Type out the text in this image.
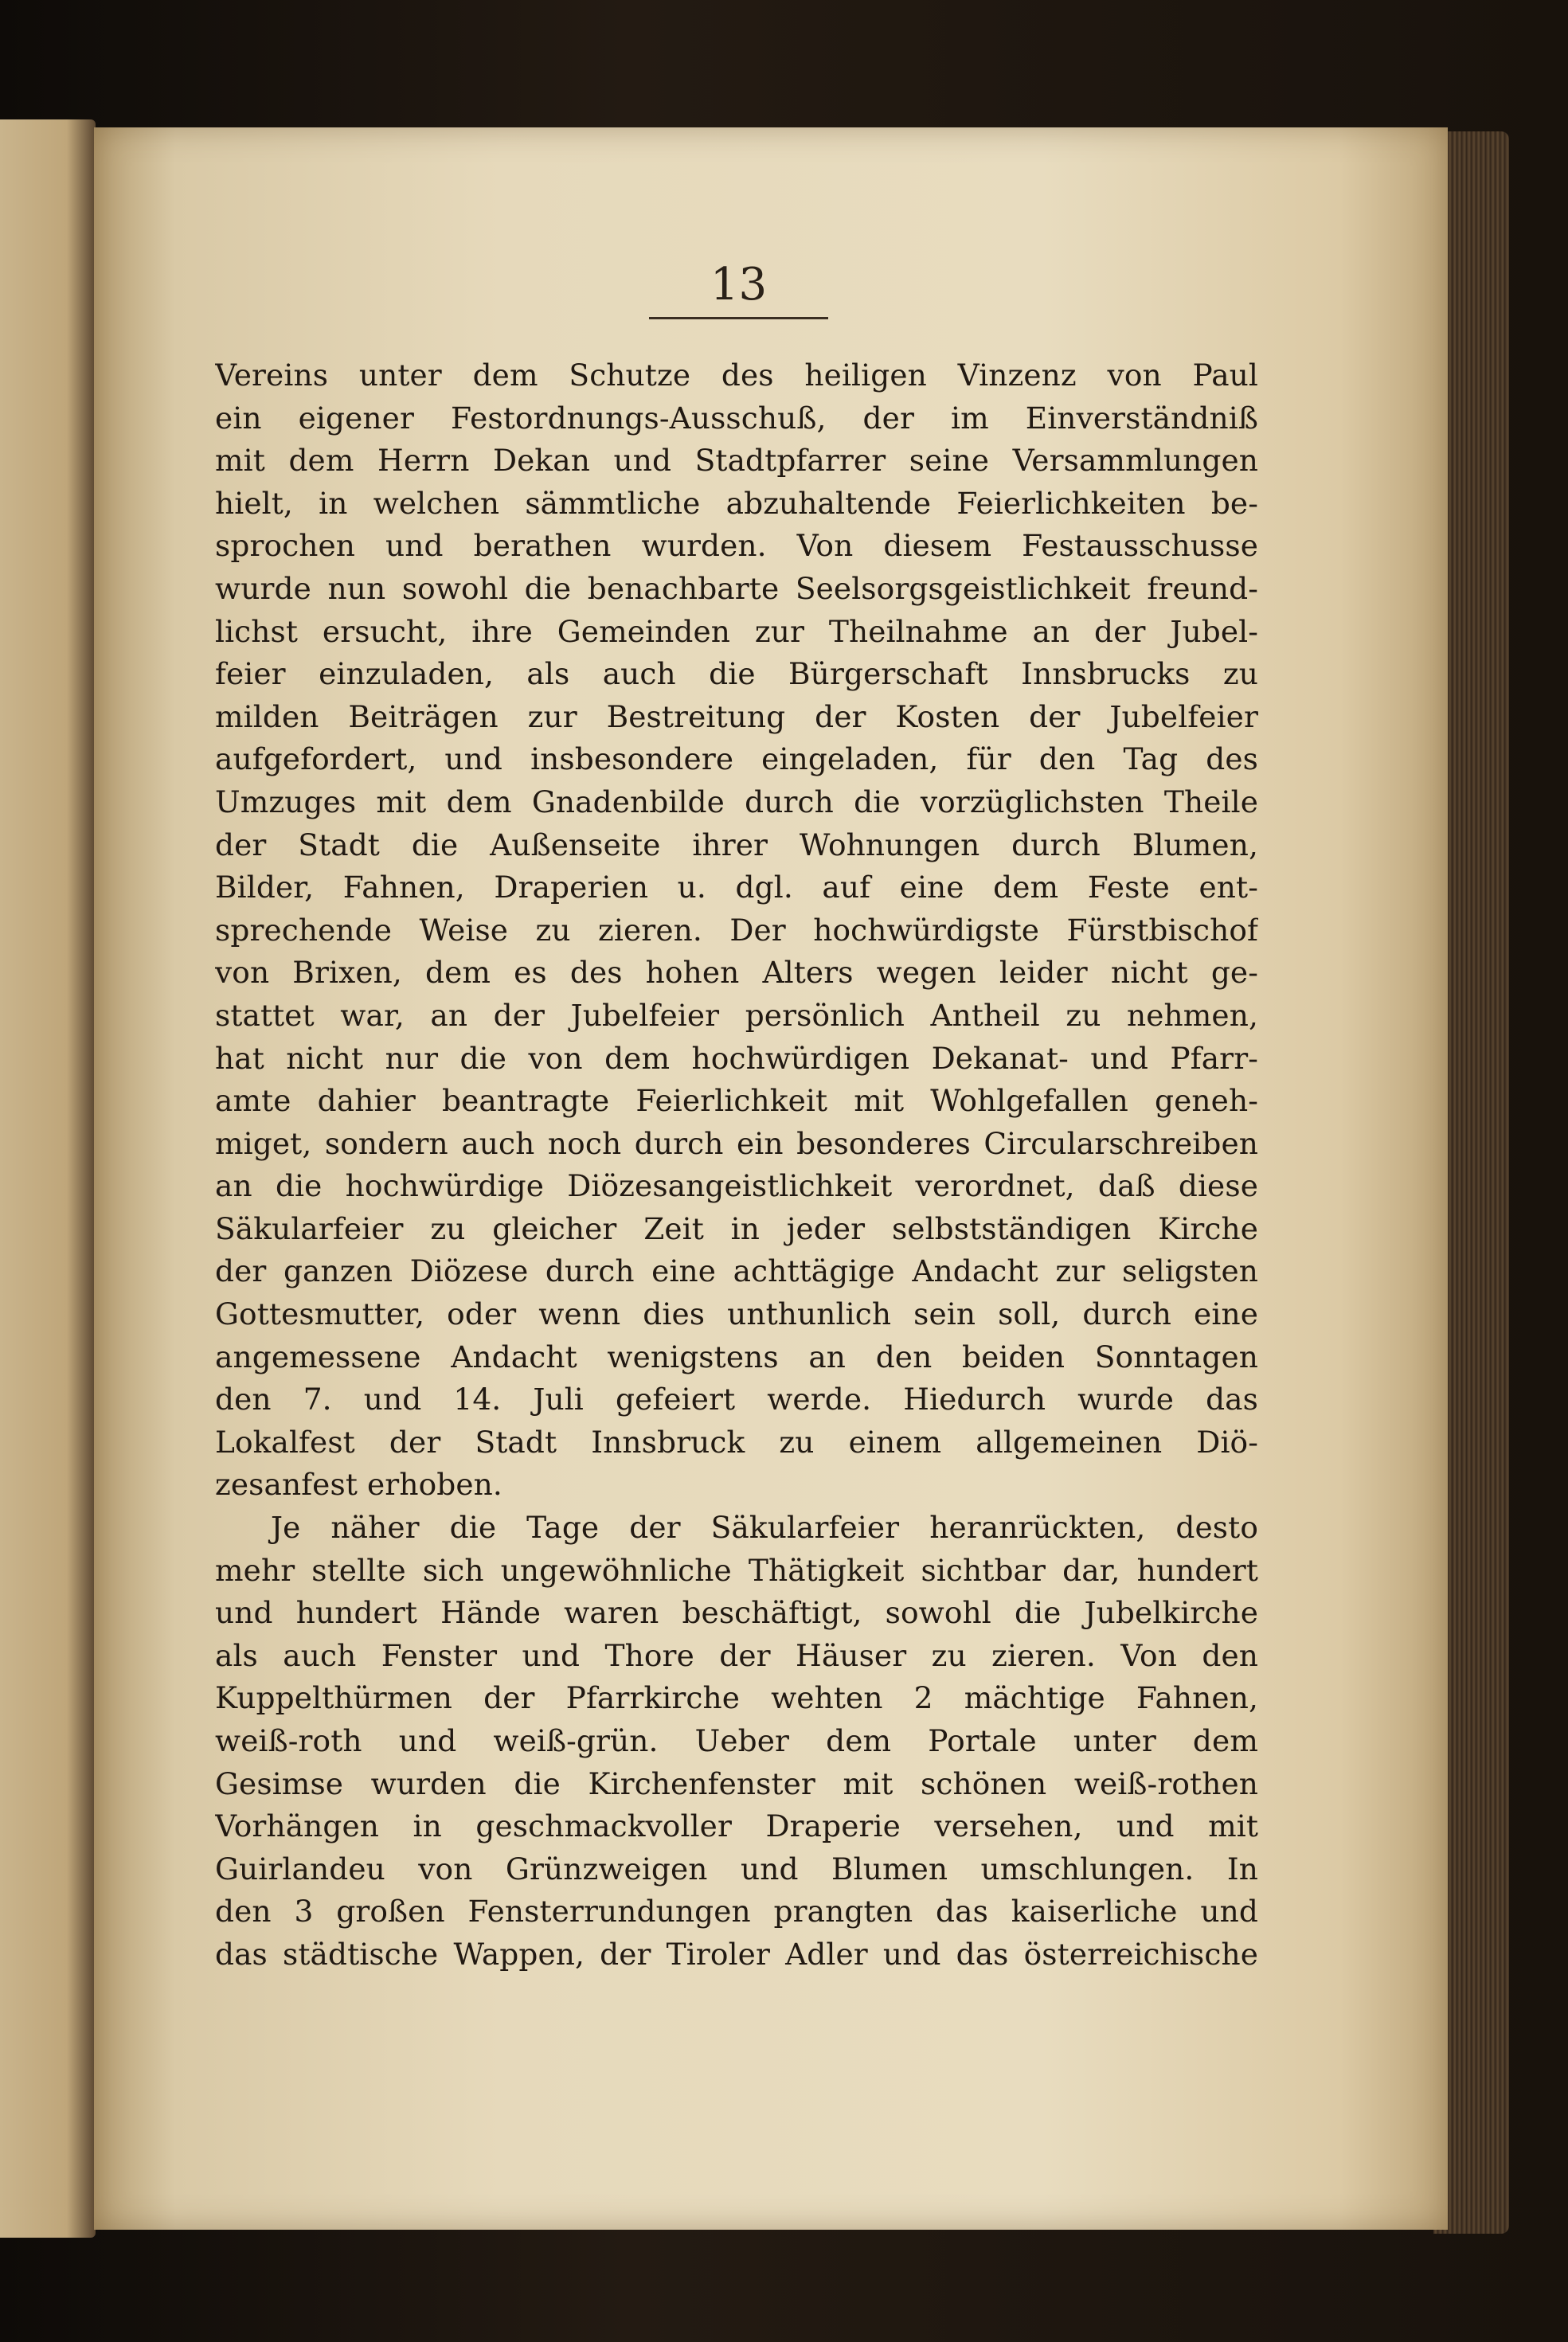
13
Vereins unter dem Schutze des heiligen Vinzenz von Paul
ein eigener Festordnungs-Ausschuß, der im Einverständniß
mit dem Herrn Dekan und Stadtpfarrer seine Versammlungen
hielt, in welchen sämmtliche abzuhaltende Feierlichkeiten be-
sprochen und berathen wurden. Von diesem Festausschusse
wurde nun sowohl die benachbarte Seelsorgsgeistlichkeit freund-
lichst ersucht, ihre Gemeinden zur Theilnahme an der Jubel-
feier einzuladen, als auch die Bürgerschaft Innsbrucks zu
milden Beiträgen zur Bestreitung der Kosten der Jubelfeier
aufgefordert, und insbesondere eingeladen, für den Tag des
Umzuges mit dem Gnadenbilde durch die vorzüglichsten Theile
der Stadt die Außenseite ihrer Wohnungen durch Blumen,
Bilder, Fahnen, Draperien u. dgl. auf eine dem Feste ent-
sprechende Weise zu zieren. Der hochwürdigste Fürstbischof
von Brixen, dem es des hohen Alters wegen leider nicht ge-
stattet war, an der Jubelfeier persönlich Antheil zu nehmen,
hat nicht nur die von dem hochwürdigen Dekanat- und Pfarr-
amte dahier beantragte Feierlichkeit mit Wohlgefallen geneh-
miget, sondern auch noch durch ein besonderes Circularschreiben
an die hochwürdige Diözesangeistlichkeit verordnet, daß diese
Säkularfeier zu gleicher Zeit in jeder selbstständigen Kirche
der ganzen Diözese durch eine achttägige Andacht zur seligsten
Gottesmutter, oder wenn dies unthunlich sein soll, durch eine
angemessene Andacht wenigstens an den beiden Sonntagen
den 7. und 14. Juli gefeiert werde. Hiedurch wurde das
Lokalfest der Stadt Innsbruck zu einem allgemeinen Diö-
zesanfest erhoben.
Je näher die Tage der Säkularfeier heranrückten, desto
mehr stellte sich ungewöhnliche Thätigkeit sichtbar dar, hundert
und hundert Hände waren beschäftigt, sowohl die Jubelkirche
als auch Fenster und Thore der Häuser zu zieren. Von den
Kuppelthürmen der Pfarrkirche wehten 2 mächtige Fahnen,
weiß-roth und weiß-grün. Ueber dem Portale unter dem
Gesimse wurden die Kirchenfenster mit schönen weiß-rothen
Vorhängen in geschmackvoller Draperie versehen, und mit
Guirlandeu von Grünzweigen und Blumen umschlungen. In
den 3 großen Fensterrundungen prangten das kaiserliche und
das städtische Wappen, der Tiroler Adler und das österreichische
